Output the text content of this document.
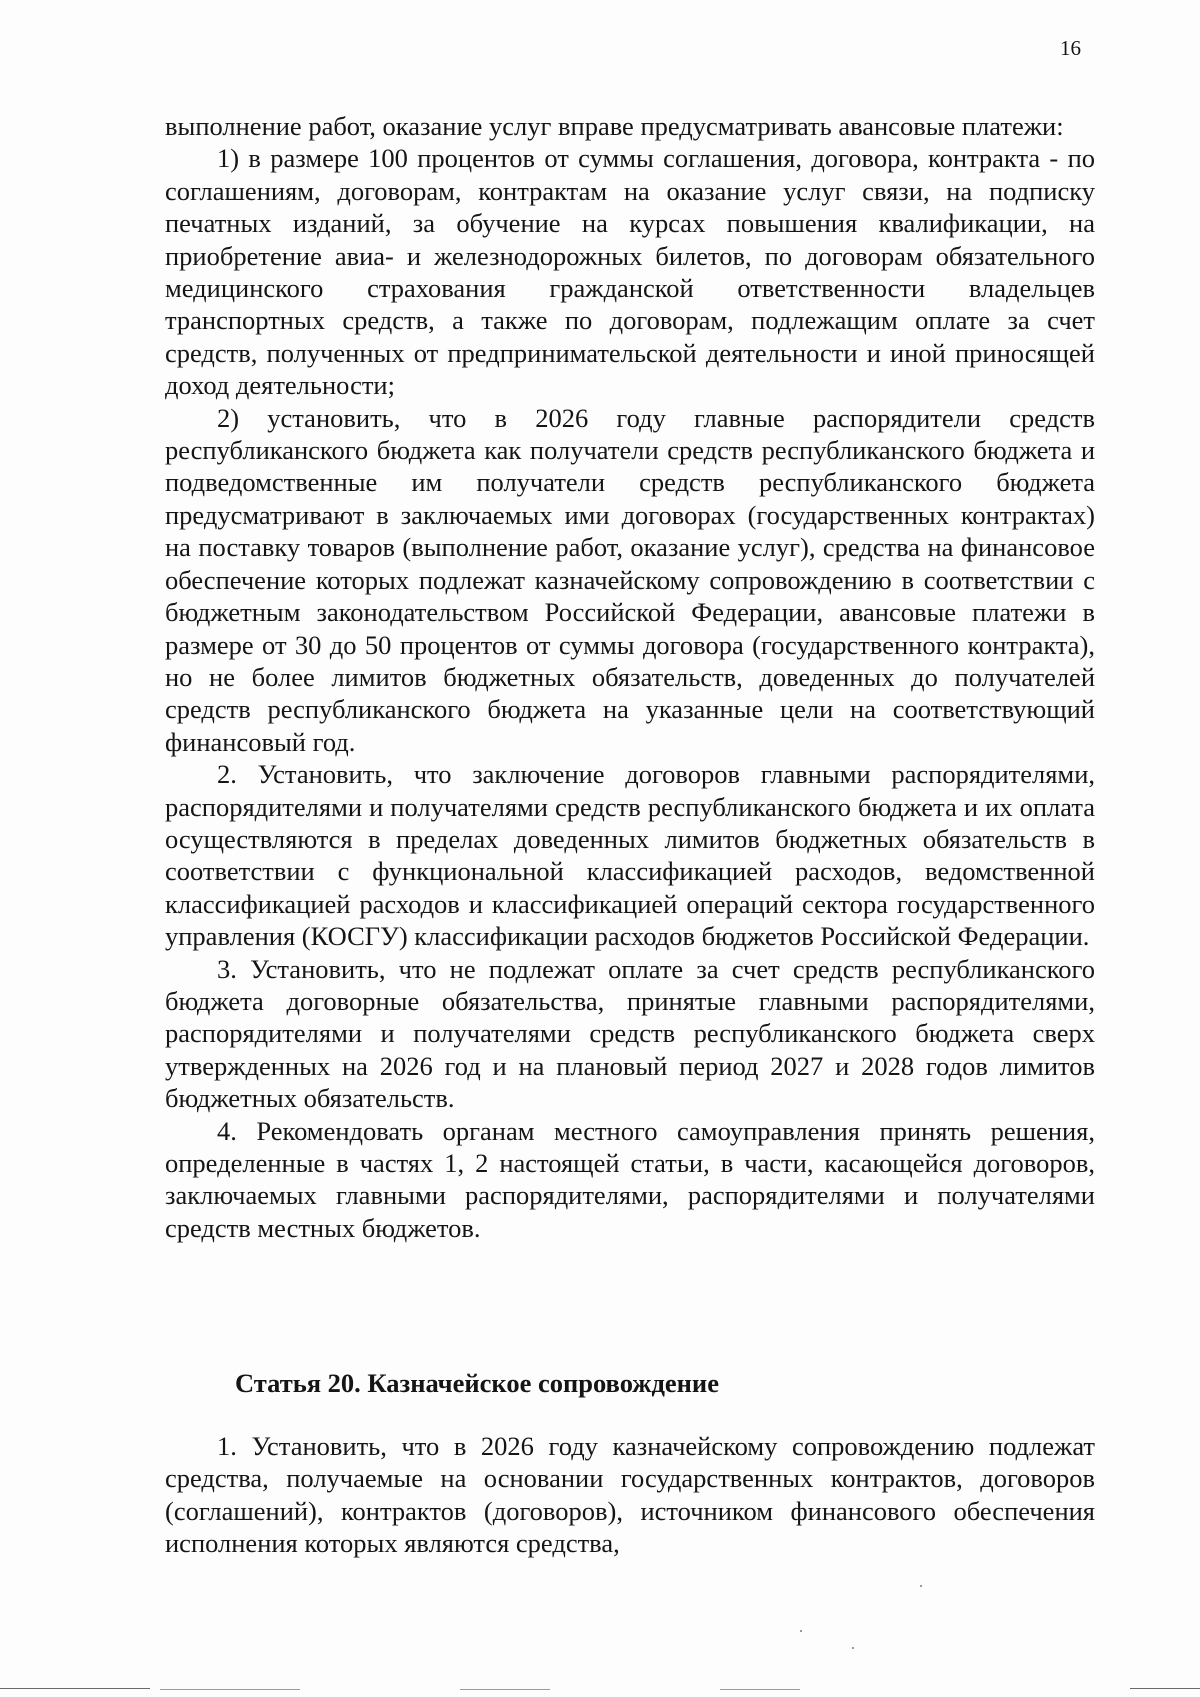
16

выполнение работ, оказание услуг вправе предусматривать авансовые платежи:

1) в размере 100 процентов от суммы соглашения, договора, контракта - по соглашениям, договорам, контрактам на оказание услуг связи, на подписку печатных изданий, за обучение на курсах повышения квалификации, на приобретение авиа- и железнодорожных билетов, по договорам обязательного медицинского страхования гражданской ответственности владельцев транспортных средств, а также по договорам, подлежащим оплате за счет средств, полученных от предпринимательской деятельности и иной приносящей доход деятельности;

2) установить, что в 2026 году главные распорядители средств республиканского бюджета как получатели средств республиканского бюджета и подведомственные им получатели средств республиканского бюджета предусматривают в заключаемых ими договорах (государственных контрактах) на поставку товаров (выполнение работ, оказание услуг), средства на финансовое обеспечение которых подлежат казначейскому сопровождению в соответствии с бюджетным законодательством Российской Федерации, авансовые платежи в размере от 30 до 50 процентов от суммы договора (государственного контракта), но не более лимитов бюджетных обязательств, доведенных до получателей средств республиканского бюджета на указанные цели на соответствующий финансовый год.

2. Установить, что заключение договоров главными распорядителями, распорядителями и получателями средств республиканского бюджета и их оплата осуществляются в пределах доведенных лимитов бюджетных обязательств в соответствии с функциональной классификацией расходов, ведомственной классификацией расходов и классификацией операций сектора государственного управления (КОСГУ) классификации расходов бюджетов Российской Федерации.

3. Установить, что не подлежат оплате за счет средств республиканского бюджета договорные обязательства, принятые главными распорядителями, распорядителями и получателями средств республиканского бюджета сверх утвержденных на 2026 год и на плановый период 2027 и 2028 годов лимитов бюджетных обязательств.

4. Рекомендовать органам местного самоуправления принять решения, определенные в частях 1, 2 настоящей статьи, в части, касающейся договоров, заключаемых главными распорядителями, распорядителями и получателями средств местных бюджетов.

Статья 20. Казначейское сопровождение

1. Установить, что в 2026 году казначейскому сопровождению подлежат средства, получаемые на основании государственных контрактов, договоров (соглашений), контрактов (договоров), источником финансового обеспечения исполнения которых являются средства,
